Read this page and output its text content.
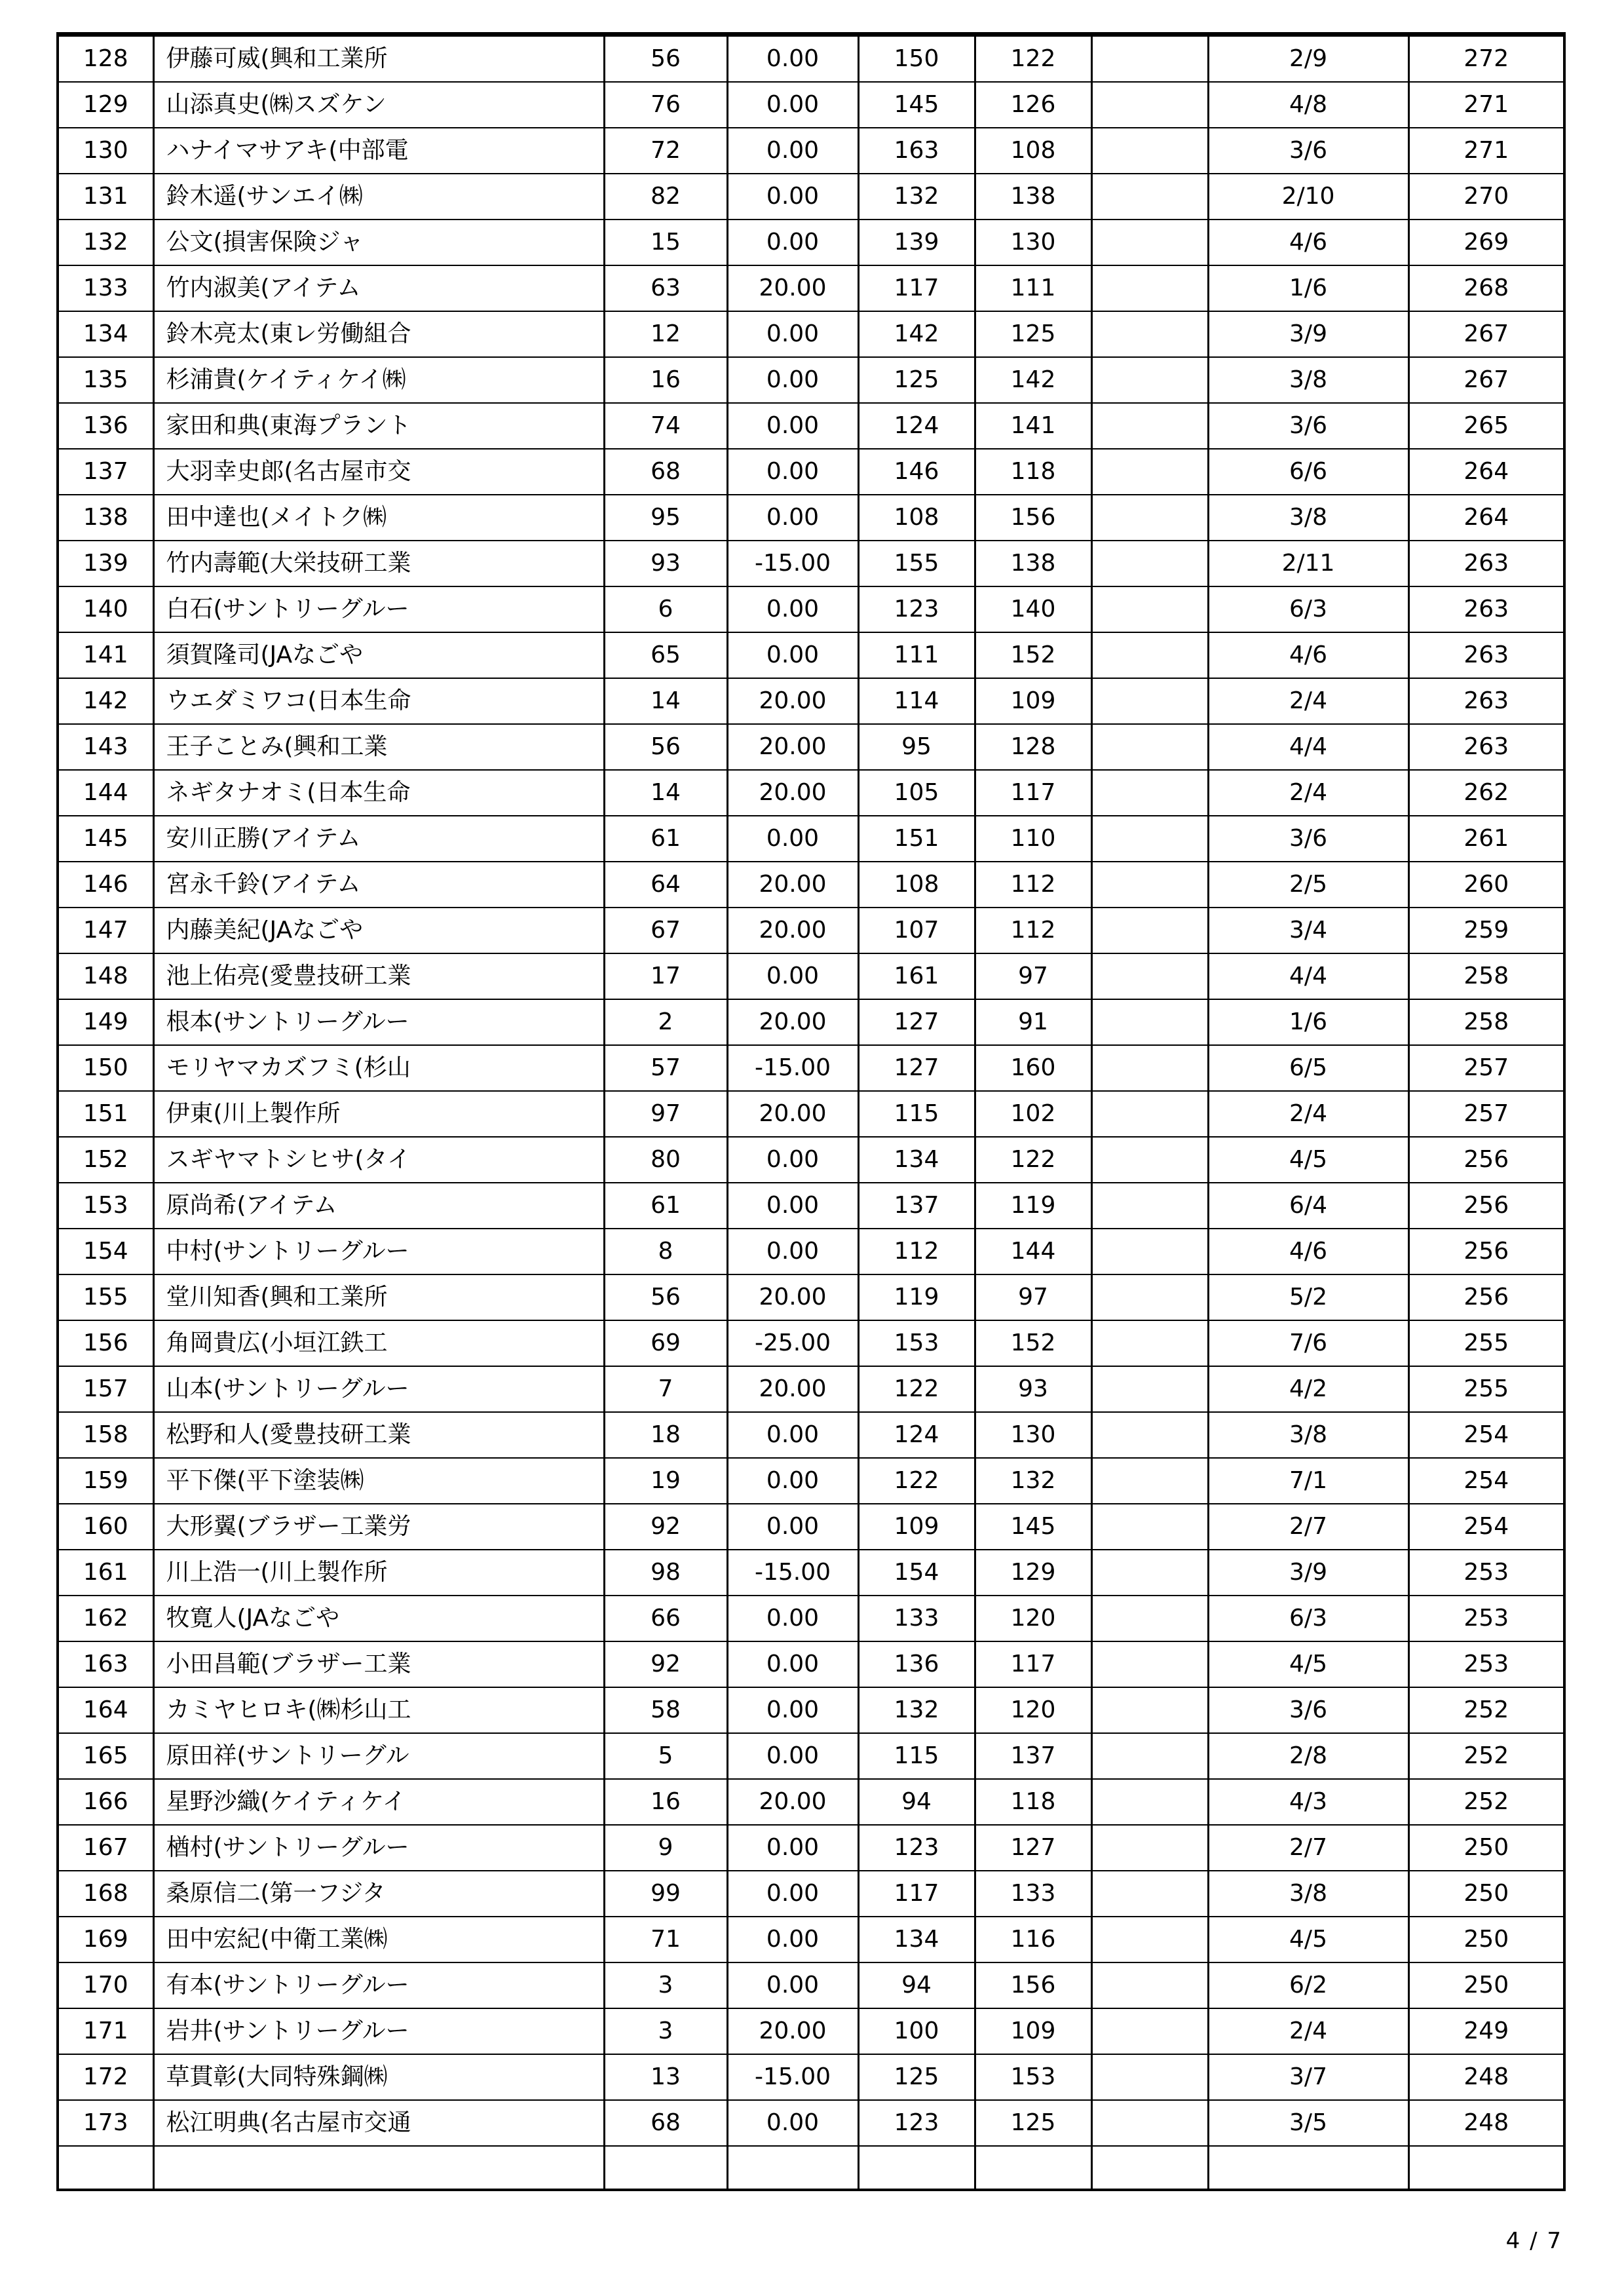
128	伊藤可威(興和工業所	56	0.00	150	122		2/9	272
129	山添真史(㈱スズケン	76	0.00	145	126		4/8	271
130	ハナイマサアキ(中部電	72	0.00	163	108		3/6	271
131	鈴木遥(サンエイ㈱	82	0.00	132	138		2/10	270
132	公文(損害保険ジャ	15	0.00	139	130		4/6	269
133	竹内淑美(アイテム	63	20.00	117	111		1/6	268
134	鈴木亮太(東レ労働組合	12	0.00	142	125		3/9	267
135	杉浦貴(ケイティケイ㈱	16	0.00	125	142		3/8	267
136	家田和典(東海プラント	74	0.00	124	141		3/6	265
137	大羽幸史郎(名古屋市交	68	0.00	146	118		6/6	264
138	田中達也(メイトク㈱	95	0.00	108	156		3/8	264
139	竹内壽範(大栄技研工業	93	-15.00	155	138		2/11	263
140	白石(サントリーグルー	6	0.00	123	140		6/3	263
141	須賀隆司(JAなごや	65	0.00	111	152		4/6	263
142	ウエダミワコ(日本生命	14	20.00	114	109		2/4	263
143	王子ことみ(興和工業	56	20.00	95	128		4/4	263
144	ネギタナオミ(日本生命	14	20.00	105	117		2/4	262
145	安川正勝(アイテム	61	0.00	151	110		3/6	261
146	宮永千鈴(アイテム	64	20.00	108	112		2/5	260
147	内藤美紀(JAなごや	67	20.00	107	112		3/4	259
148	池上佑亮(愛豊技研工業	17	0.00	161	97		4/4	258
149	根本(サントリーグルー	2	20.00	127	91		1/6	258
150	モリヤマカズフミ(杉山	57	-15.00	127	160		6/5	257
151	伊東(川上製作所	97	20.00	115	102		2/4	257
152	スギヤマトシヒサ(タイ	80	0.00	134	122		4/5	256
153	原尚希(アイテム	61	0.00	137	119		6/4	256
154	中村(サントリーグルー	8	0.00	112	144		4/6	256
155	堂川知香(興和工業所	56	20.00	119	97		5/2	256
156	角岡貴広(小垣江鉄工	69	-25.00	153	152		7/6	255
157	山本(サントリーグルー	7	20.00	122	93		4/2	255
158	松野和人(愛豊技研工業	18	0.00	124	130		3/8	254
159	平下傑(平下塗装㈱	19	0.00	122	132		7/1	254
160	大形翼(ブラザー工業労	92	0.00	109	145		2/7	254
161	川上浩一(川上製作所	98	-15.00	154	129		3/9	253
162	牧寛人(JAなごや	66	0.00	133	120		6/3	253
163	小田昌範(ブラザー工業	92	0.00	136	117		4/5	253
164	カミヤヒロキ(㈱杉山工	58	0.00	132	120		3/6	252
165	原田祥(サントリーグル	5	0.00	115	137		2/8	252
166	星野沙織(ケイティケイ	16	20.00	94	118		4/3	252
167	楢村(サントリーグルー	9	0.00	123	127		2/7	250
168	桑原信二(第一フジタ	99	0.00	117	133		3/8	250
169	田中宏紀(中衛工業㈱	71	0.00	134	116		4/5	250
170	有本(サントリーグルー	3	0.00	94	156		6/2	250
171	岩井(サントリーグルー	3	20.00	100	109		2/4	249
172	草貫彰(大同特殊鋼㈱	13	-15.00	125	153		3/7	248
173	松江明典(名古屋市交通	68	0.00	123	125		3/5	248

4 / 7
